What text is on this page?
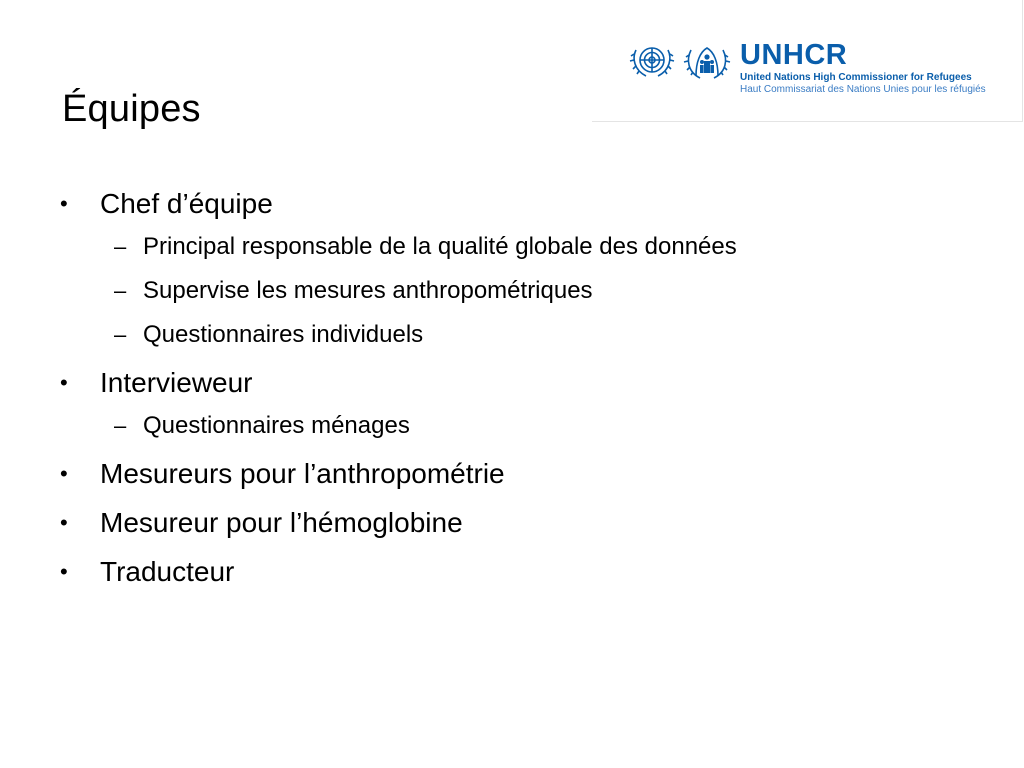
Équipes
UNHCR
United Nations High Commissioner for Refugees
Haut Commissariat des Nations Unies pour les réfugiés
•	Chef d’équipe
– Principal responsable de la qualité globale des données
– Supervise les mesures anthropométriques
– Questionnaires individuels
•	Intervieweur
– Questionnaires ménages
•	Mesureurs pour l’anthropométrie
•	Mesureur pour l’hémoglobine
•	Traducteur
